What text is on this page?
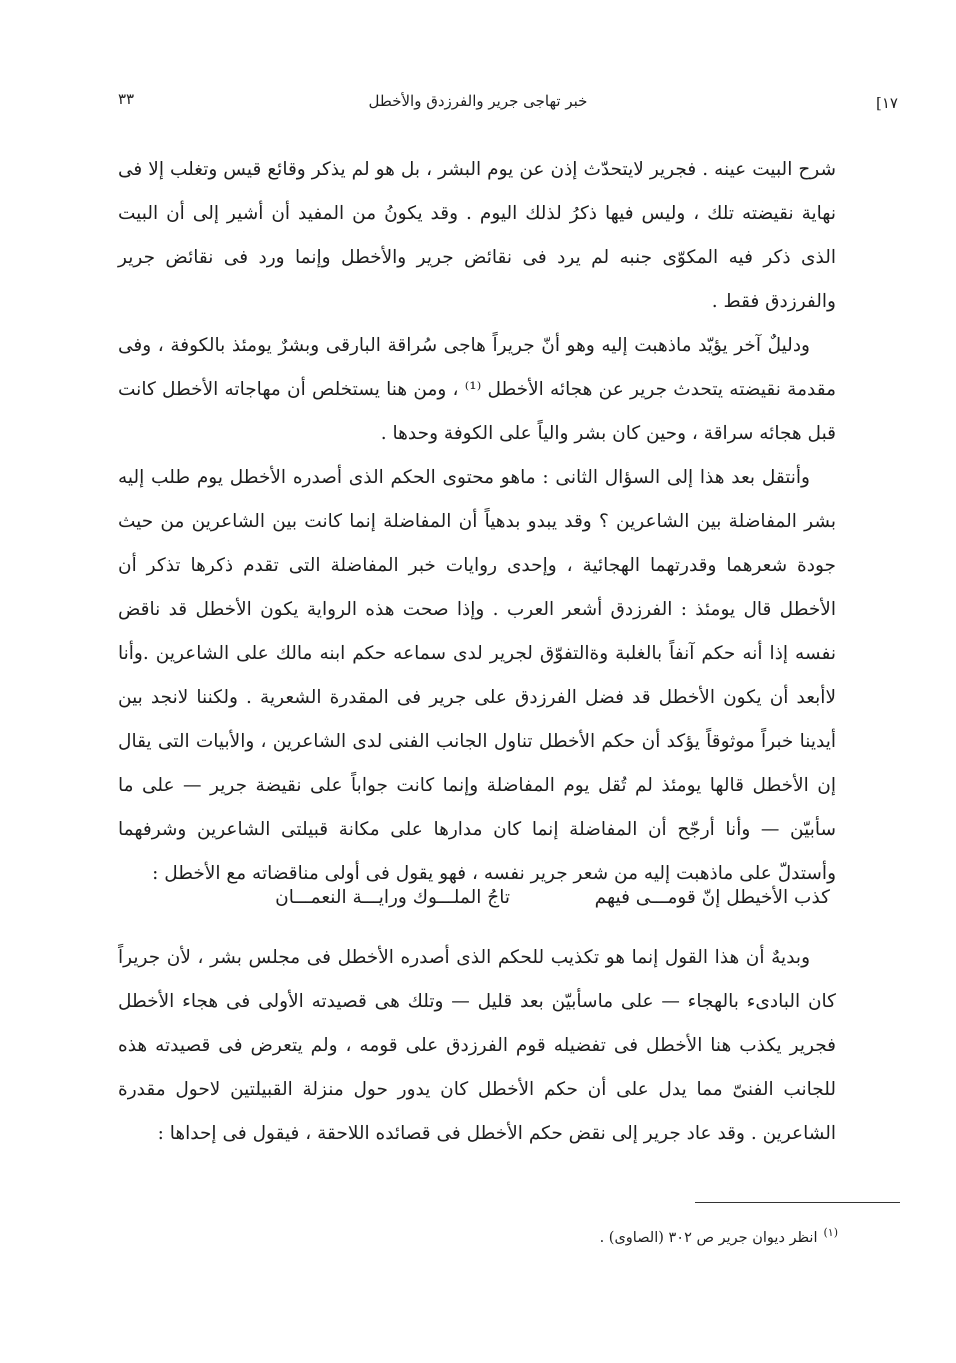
٣٣	خبر تهاجى جرير والفرزدق والأخطل	[١٧

شرح البيت عينه . فجرير لايتحدّث إذن عن يوم البشر ، بل هو لم يذكر وقائع قيس وتغلب إلا فى نهاية نقيضته تلك ، وليس فيها ذكرُ لذلك اليوم . وقد يكونُ من المفيد أن أشير إلى أن البيت الذى ذكر فيه المكوّى جنبه لم يرد فى نقائض جرير والأخطل وإنما ورد فى نقائض جرير والفرزدق فقط .

ودليلٌ آخر يؤيّد ماذهبت إليه وهو أنّ جريراً هاجى سُراقة البارقى وبشرٌ يومئذ بالكوفة ، وفى مقدمة نقيضته يتحدث جرير عن هجائه الأخطل ⁽¹⁾ ، ومن هنا يستخلص أن مهاجاته الأخطل كانت قبل هجائه سراقة ، وحين كان بشر والياً على الكوفة وحدها .

وأنتقل بعد هذا إلى السؤال الثانى : ماهو محتوى الحكم الذى أصدره الأخطل يوم طلب إليه بشر المفاضلة بين الشاعرين ؟ وقد يبدو بدهياً أن المفاضلة إنما كانت بين الشاعرين من حيث جودة شعرهما وقدرتهما الهجائية ، وإحدى روايات خبر المفاضلة التى تقدم ذكرها تذكر أن الأخطل قال يومئذ : الفرزدق أشعر العرب . وإذا صحت هذه الرواية يكون الأخطل قد ناقض نفسه إذا أنه حكم آنفاً بالغلبة وةالتفوّق لجرير لدى سماعه حكم ابنه مالك على الشاعرين .وأنا لاأبعد أن يكون الأخطل قد فضل الفرزدق على جرير فى المقدرة الشعرية . ولكننا لانجد بين أيدينا خبراً موثوقاً يؤكد أن حكم الأخطل تناول الجانب الفنى لدى الشاعرين ، والأبيات التى يقال إن الأخطل قالها يومئذ لم تُقل يوم المفاضلة وإنما كانت جواباً على نقيضة جرير — على ما سأبيّن — وأنا أرجّح أن المفاضلة إنما كان مدارها على مكانة قبيلتى الشاعرين وشرفهما وأستدلّ على ماذهبت إليه من شعر جرير نفسه ، فهو يقول فى أولى مناقضاته مع الأخطل :

كذب الأخيطل إنّ قومـــى فيهم
تاجُ الملـــوك ورايـــة النعمـــان

وبديهٌ أن هذا القول إنما هو تكذيب للحكم الذى أصدره الأخطل فى مجلس بشر ، لأن جريراً كان البادىء بالهجاء — على ماسأبيّن بعد قليل — وتلك هى قصيدته الأولى فى هجاء الأخطل فجرير يكذب هنا الأخطل فى تفضيله قوم الفرزدق على قومه ، ولم يتعرض فى قصيدته هذه للجانب الفنىّ مما يدل على أن حكم الأخطل كان يدور حول منزلة القبيلتين لاحول مقدرة الشاعرين . وقد عاد جرير إلى نقض حكم الأخطل فى قصائده اللاحقة ، فيقول فى إحداها :

$^{(١)}$انظر ديوان جرير ص ٣٠٢ (الصاوى) .
